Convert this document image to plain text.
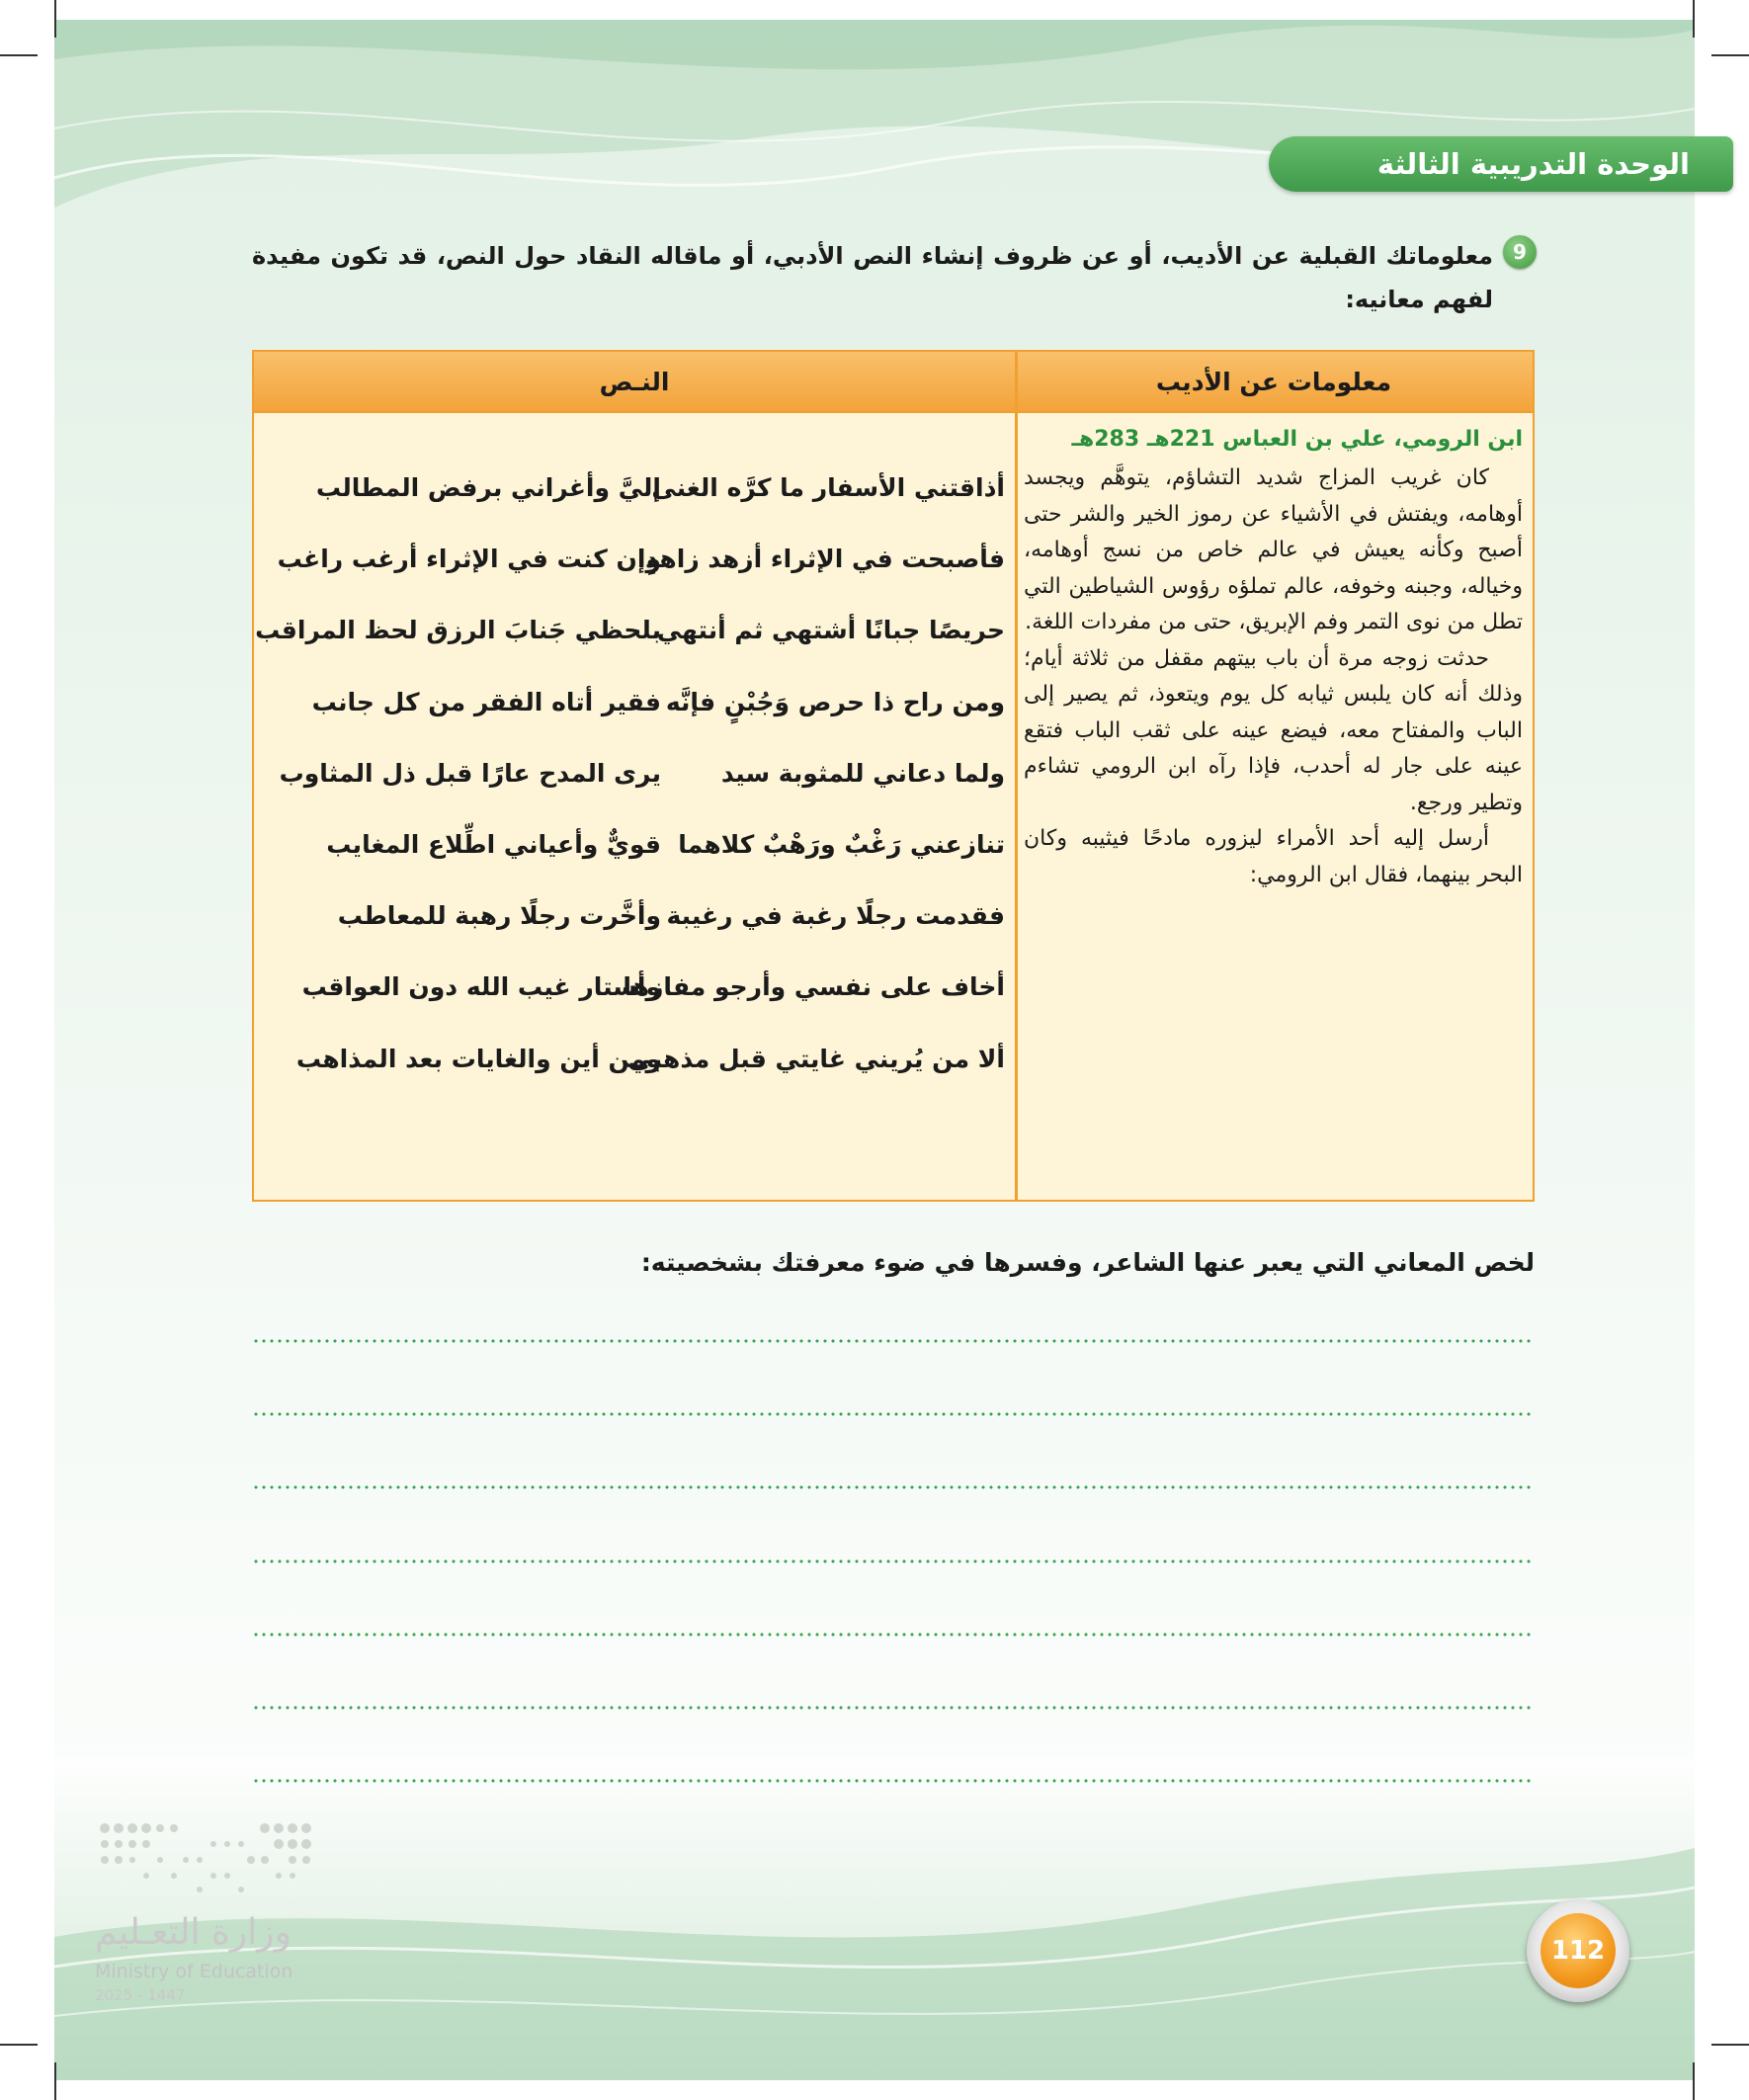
الوحدة التدريبية الثالثة
9
معلوماتك القبلية عن الأديب، أو عن ظروف إنشاء النص الأدبي، أو ماقاله النقاد حول النص، قد تكون مفيدة لفهم معانيه:
معلومات عن الأديب
النـص
ابن الرومي، علي بن العباس 221هـ 283هـ

كان غريب المزاج شديد التشاؤم، يتوهَّم ويجسد أوهامه، ويفتش في الأشياء عن رموز الخير والشر حتى أصبح وكأنه يعيش في عالم خاص من نسج أوهامه، وخياله، وجبنه وخوفه، عالم تملؤه رؤوس الشياطين التي تطل من نوى التمر وفم الإبريق، حتى من مفردات اللغة.

حدثت زوجه مرة أن باب بيتهم مقفل من ثلاثة أيام؛ وذلك أنه كان يلبس ثيابه كل يوم ويتعوذ، ثم يصير إلى الباب والمفتاح معه، فيضع عينه على ثقب الباب فتقع عينه على جار له أحدب، فإذا رآه ابن الرومي تشاءم وتطير ورجع.

أرسل إليه أحد الأمراء ليزوره مادحًا فيثيبه وكان البحر بينهما، فقال ابن الرومي:

أذاقتني الأسفار ما كرَّه الغنى
إليَّ وأغراني برفض المطالب
فأصبحت في الإثراء أزهد زاهدٍ
وإن كنت في الإثراء أرغب راغب
حريصًا جبانًا أشتهي ثم أنتهي
بلحظي جَنابَ الرزق لحظ المراقب
ومن راح ذا حرص وَجُبْنٍ فإنَّه
فقير أتاه الفقر من كل جانب
ولما دعاني للمثوبة سيد
يرى المدح عارًا قبل ذل المثاوب
تنازعني رَغْبٌ ورَهْبٌ كلاهما
قويٌّ وأعياني اطِّلاع المغايب
فقدمت رجلًا رغبة في رغيبة
وأخَّرت رجلًا رهبة للمعاطب
أخاف على نفسي وأرجو مفازها
وأستار غيب الله دون العواقب
ألا من يُريني غايتي قبل مذهبي
ومن أين والغايات بعد المذاهب
لخص المعاني التي يعبر عنها الشاعر، وفسرها في ضوء معرفتك بشخصيته:
وزارة التعـليم
Ministry of Education
2025 - 1447
112
